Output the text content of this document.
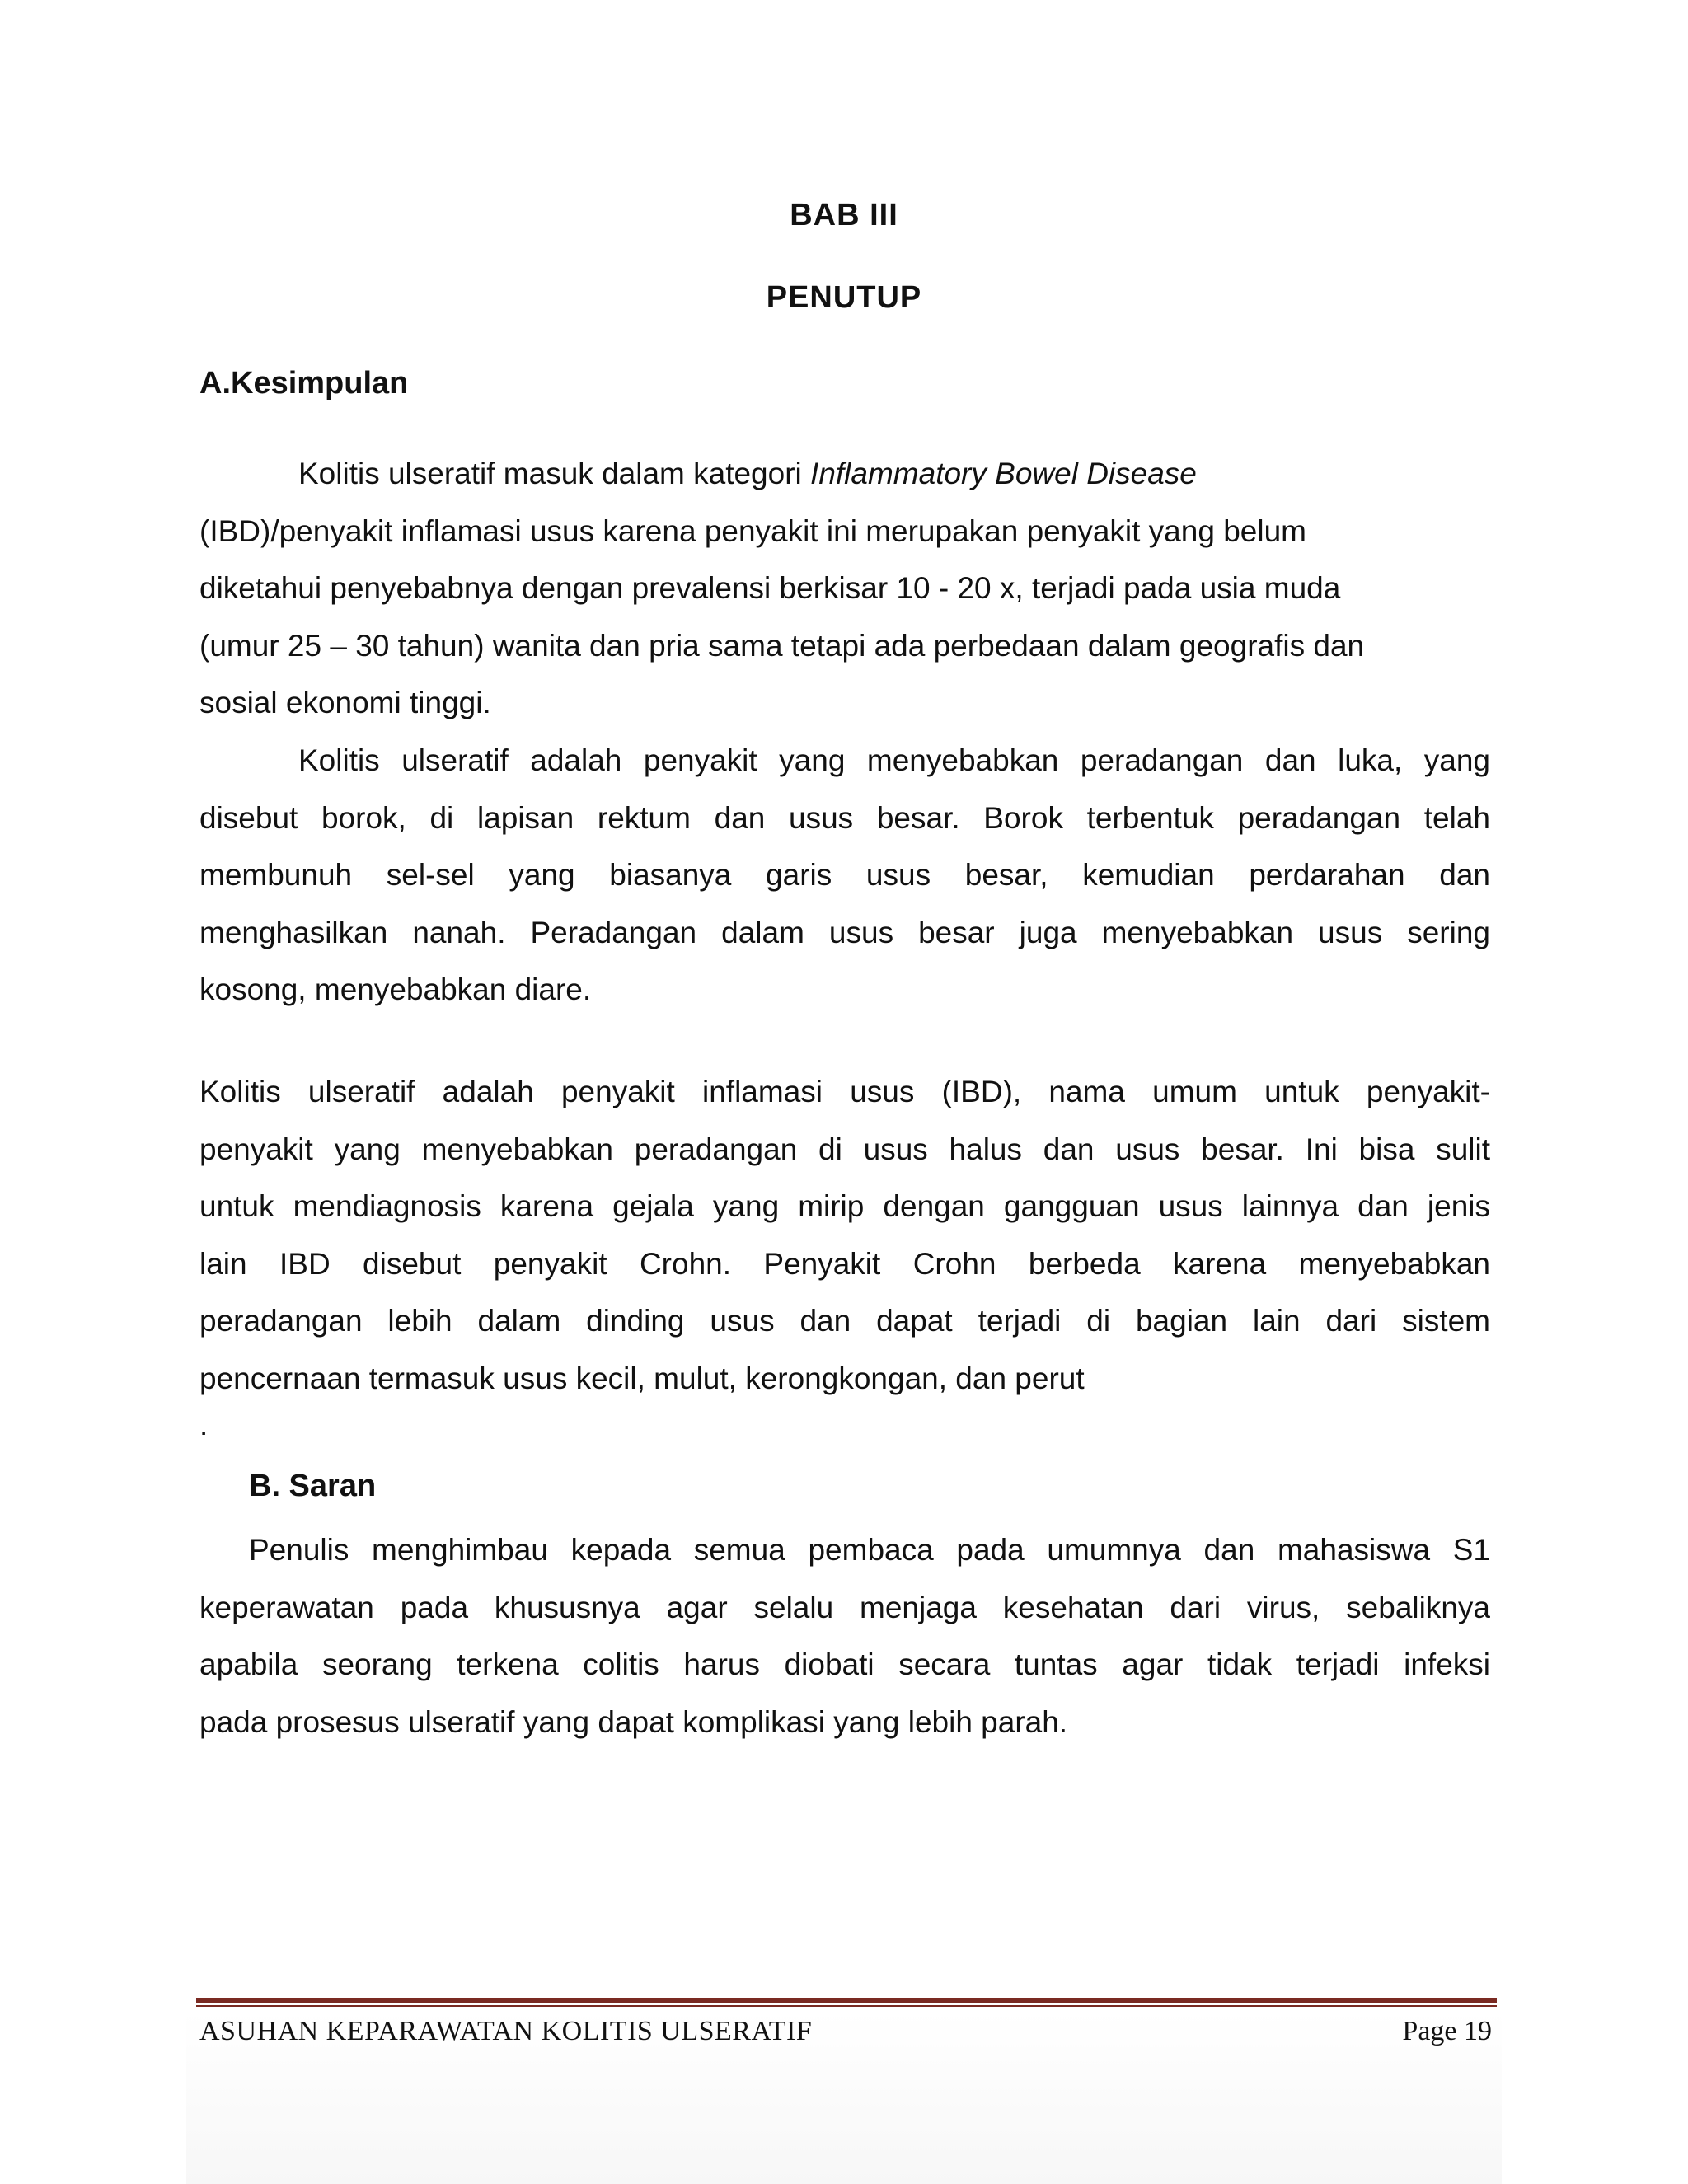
BAB III
PENUTUP
A.Kesimpulan
Kolitis ulseratif masuk dalam kategori Inflammatory Bowel Disease
(IBD)/penyakit inflamasi usus karena penyakit ini merupakan penyakit yang belum
diketahui penyebabnya dengan prevalensi berkisar 10 - 20 x, terjadi pada usia muda
(umur 25 – 30 tahun) wanita dan pria sama tetapi ada perbedaan dalam geografis dan
sosial ekonomi tinggi.
Kolitis ulseratif adalah penyakit yang menyebabkan peradangan dan luka, yang
disebut borok, di lapisan rektum dan usus besar. Borok terbentuk peradangan telah
membunuh sel-sel yang biasanya garis usus besar, kemudian perdarahan dan
menghasilkan nanah. Peradangan dalam usus besar juga menyebabkan usus sering
kosong, menyebabkan diare.
Kolitis ulseratif adalah penyakit inflamasi usus (IBD), nama umum untuk penyakit-
penyakit yang menyebabkan peradangan di usus halus dan usus besar. Ini bisa sulit
untuk mendiagnosis karena gejala yang mirip dengan gangguan usus lainnya dan jenis
lain IBD disebut penyakit Crohn. Penyakit Crohn berbeda karena menyebabkan
peradangan lebih dalam dinding usus dan dapat terjadi di bagian lain dari sistem
pencernaan termasuk usus kecil, mulut, kerongkongan, dan perut
.
B. Saran
Penulis menghimbau kepada semua pembaca pada umumnya dan mahasiswa S1
keperawatan pada khususnya agar selalu menjaga kesehatan dari virus, sebaliknya
apabila seorang terkena colitis harus diobati secara tuntas agar tidak terjadi infeksi
pada prosesus ulseratif yang dapat komplikasi yang lebih parah.
ASUHAN KEPARAWATAN KOLITIS ULSERATIF	Page 19
